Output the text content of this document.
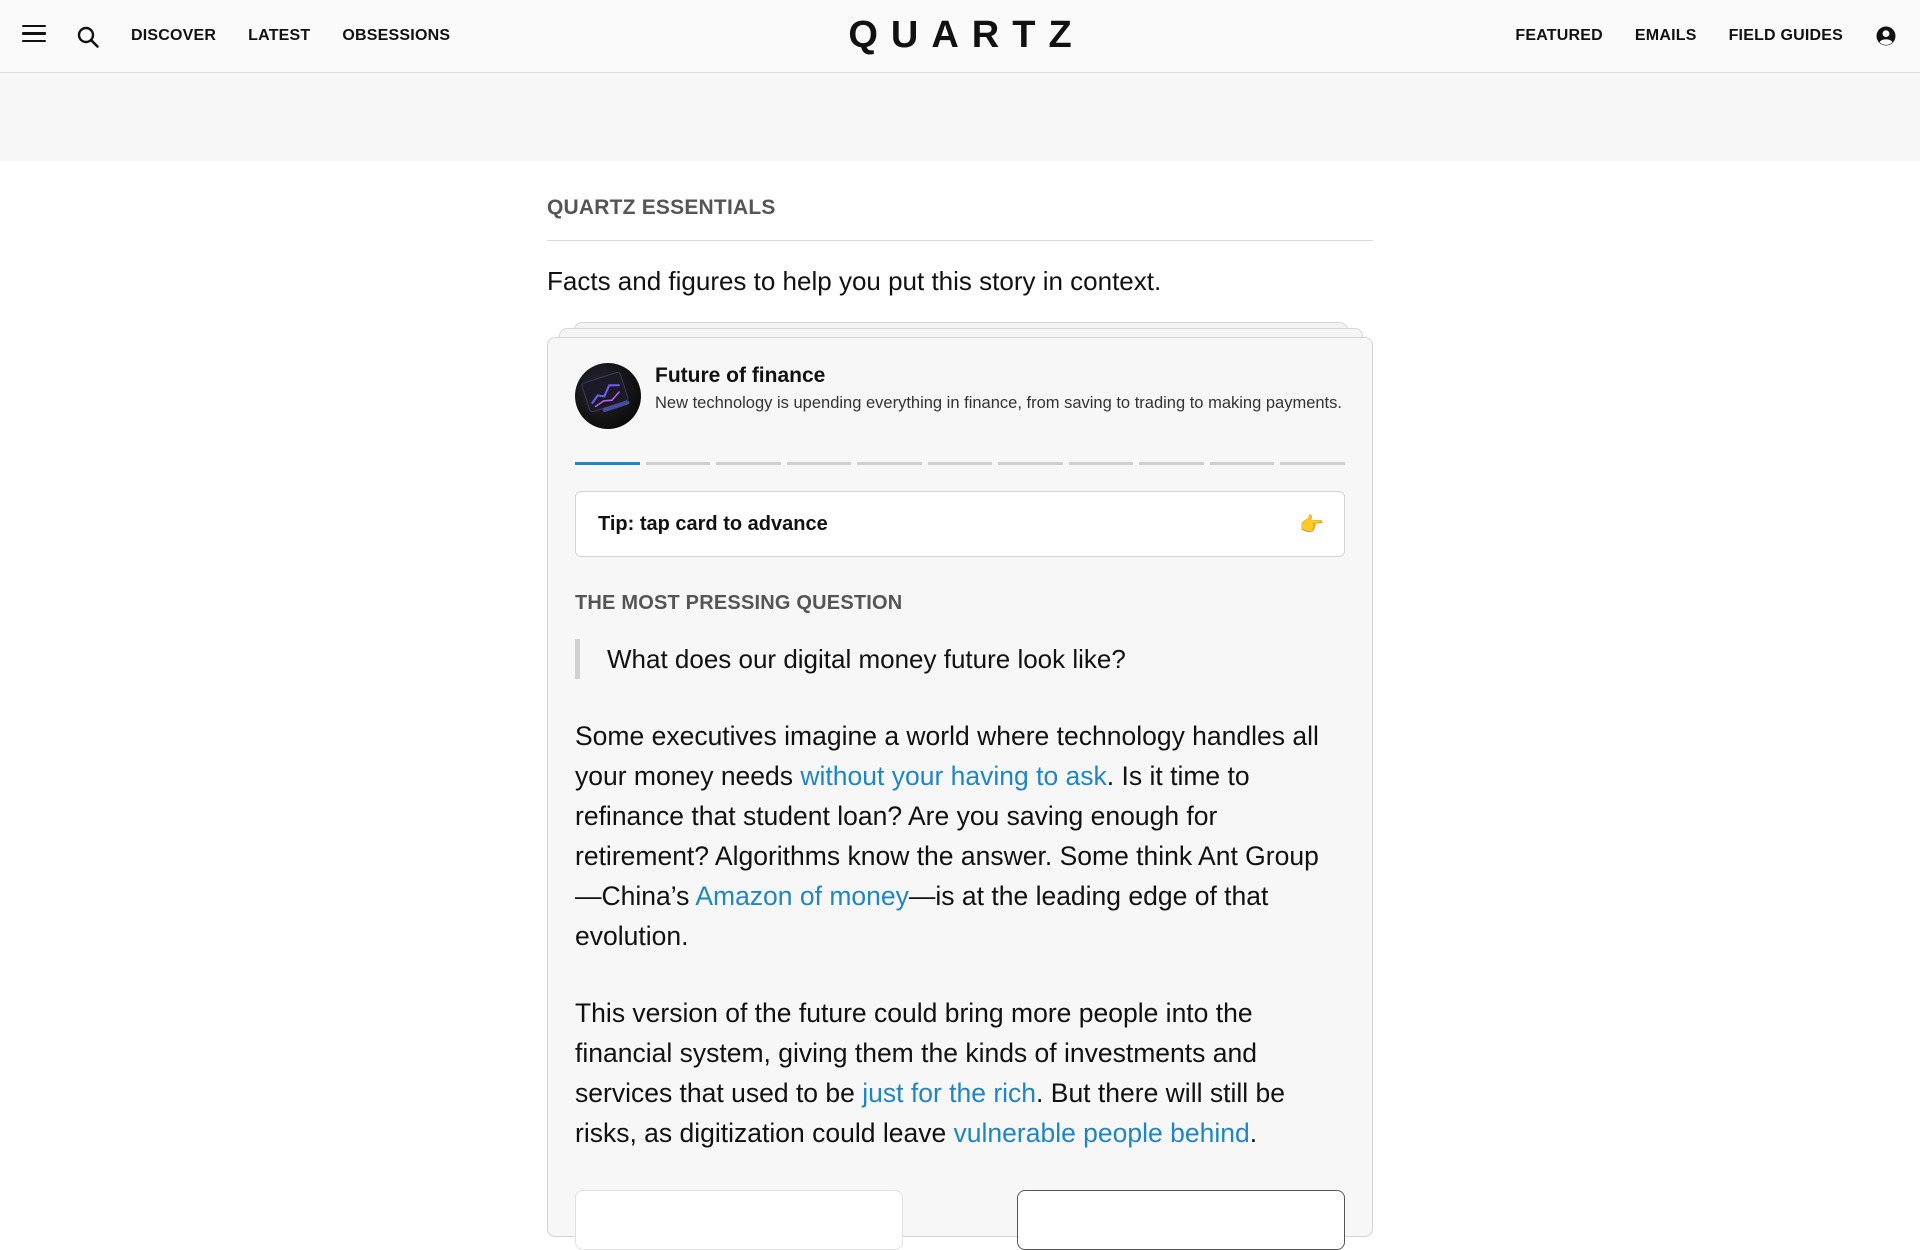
DISCOVER LATEST OBSESSIONS	QUARTZ	FEATURED EMAILS FIELD GUIDES
QUARTZ ESSENTIALS
Facts and figures to help you put this story in context.
Future of finance
New technology is upending everything in finance, from saving to trading to making payments.
Tip: tap card to advance	👉
THE MOST PRESSING QUESTION
What does our digital money future look like?

Some executives imagine a world where technology handles all your money needs without your having to ask. Is it time to refinance that student loan? Are you saving enough for retirement? Algorithms know the answer. Some think Ant Group—China’s Amazon of money—is at the leading edge of that evolution.

This version of the future could bring more people into the financial system, giving them the kinds of investments and services that used to be just for the rich. But there will still be risks, as digitization could leave vulnerable people behind.
